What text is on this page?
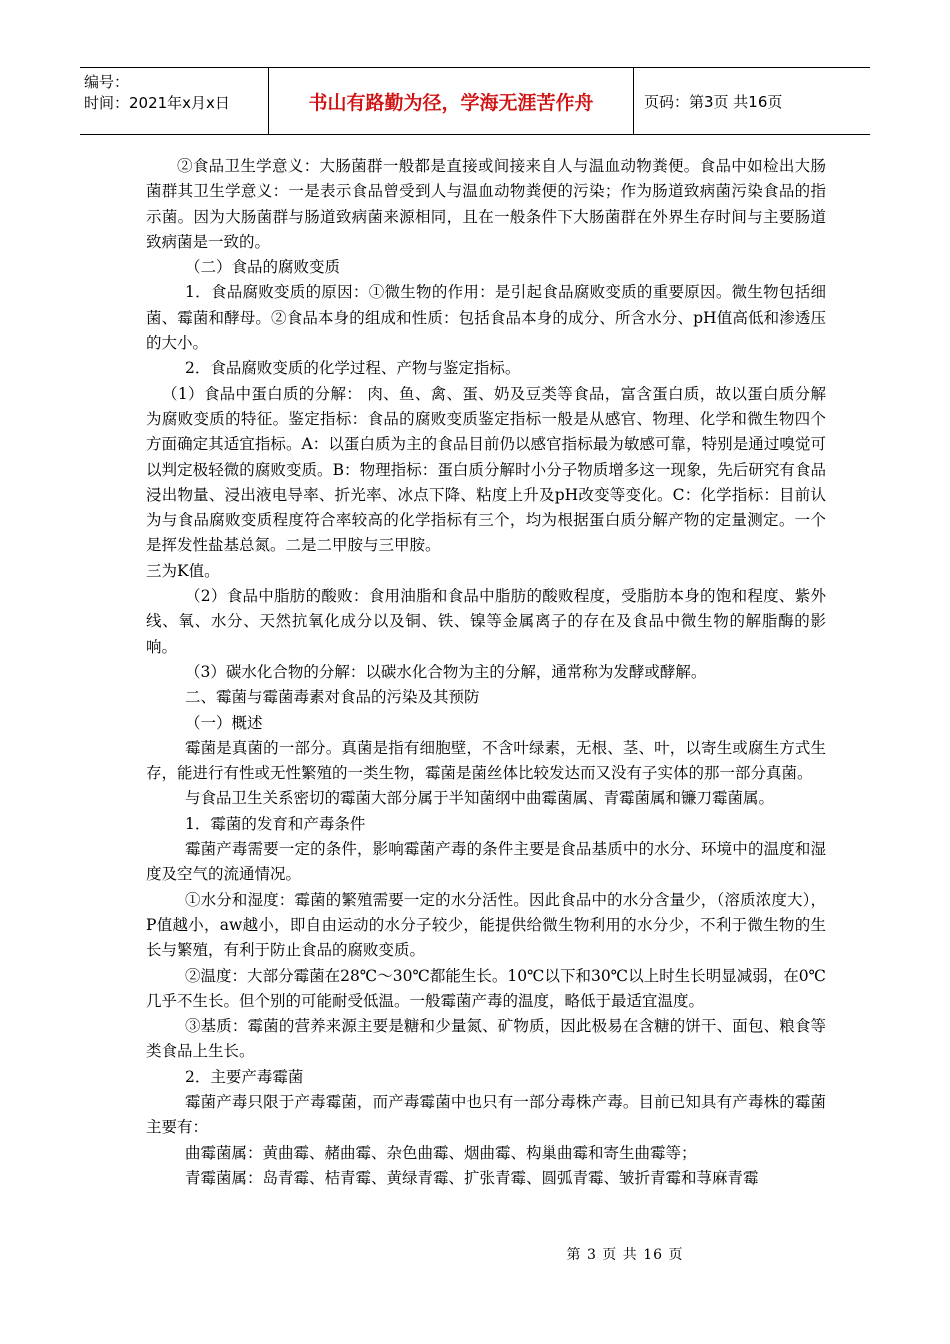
编号：
时间：2021年x月x日	书山有路勤为径，学海无涯苦作舟	页码：第3页 共16页

②食品卫生学意义：大肠菌群一般都是直接或间接来自人与温血动物粪便。食品中如检出大肠菌群其卫生学意义：一是表示食品曾受到人与温血动物粪便的污染；作为肠道致病菌污染食品的指示菌。因为大肠菌群与肠道致病菌来源相同，且在一般条件下大肠菌群在外界生存时间与主要肠道致病菌是一致的。

（二）食品的腐败变质

1．食品腐败变质的原因：①微生物的作用：是引起食品腐败变质的重要原因。微生物包括细菌、霉菌和酵母。②食品本身的组成和性质：包括食品本身的成分、所含水分、pH值高低和渗透压的大小。

2．食品腐败变质的化学过程、产物与鉴定指标。

（1）食品中蛋白质的分解： 肉、鱼、禽、蛋、奶及豆类等食品，富含蛋白质，故以蛋白质分解为腐败变质的特征。鉴定指标：食品的腐败变质鉴定指标一般是从感官、物理、化学和微生物四个方面确定其适宜指标。A：以蛋白质为主的食品目前仍以感官指标最为敏感可靠，特别是通过嗅觉可以判定极轻微的腐败变质。B：物理指标：蛋白质分解时小分子物质增多这一现象，先后研究有食品浸出物量、浸出液电导率、折光率、冰点下降、粘度上升及pH改变等变化。C：化学指标：目前认为与食品腐败变质程度符合率较高的化学指标有三个，均为根据蛋白质分解产物的定量测定。一个是挥发性盐基总氮。二是二甲胺与三甲胺。

三为K值。

（2）食品中脂肪的酸败：食用油脂和食品中脂肪的酸败程度，受脂肪本身的饱和程度、紫外线、氧、水分、天然抗氧化成分以及铜、铁、镍等金属离子的存在及食品中微生物的解脂酶的影响。

（3）碳水化合物的分解：以碳水化合物为主的分解，通常称为发酵或酵解。

二、霉菌与霉菌毒素对食品的污染及其预防

（一）概述

霉菌是真菌的一部分。真菌是指有细胞壁，不含叶绿素，无根、茎、叶，以寄生或腐生方式生存，能进行有性或无性繁殖的一类生物，霉菌是菌丝体比较发达而又没有子实体的那一部分真菌。

与食品卫生关系密切的霉菌大部分属于半知菌纲中曲霉菌属、青霉菌属和镰刀霉菌属。

1．霉菌的发育和产毒条件

霉菌产毒需要一定的条件，影响霉菌产毒的条件主要是食品基质中的水分、环境中的温度和湿度及空气的流通情况。

①水分和湿度：霉菌的繁殖需要一定的水分活性。因此食品中的水分含量少，（溶质浓度大），P值越小，aw越小，即自由运动的水分子较少，能提供给微生物利用的水分少，不利于微生物的生长与繁殖，有利于防止食品的腐败变质。

②温度：大部分霉菌在28℃～30℃都能生长。10℃以下和30℃以上时生长明显减弱，在0℃几乎不生长。但个别的可能耐受低温。一般霉菌产毒的温度，略低于最适宜温度。

③基质：霉菌的营养来源主要是糖和少量氮、矿物质，因此极易在含糖的饼干、面包、粮食等类食品上生长。

2．主要产毒霉菌

霉菌产毒只限于产毒霉菌，而产毒霉菌中也只有一部分毒株产毒。目前已知具有产毒株的霉菌主要有：

曲霉菌属：黄曲霉、赭曲霉、杂色曲霉、烟曲霉、构巢曲霉和寄生曲霉等；

青霉菌属：岛青霉、桔青霉、黄绿青霉、扩张青霉、圆弧青霉、皱折青霉和荨麻青霉

第 3 页 共 16 页
